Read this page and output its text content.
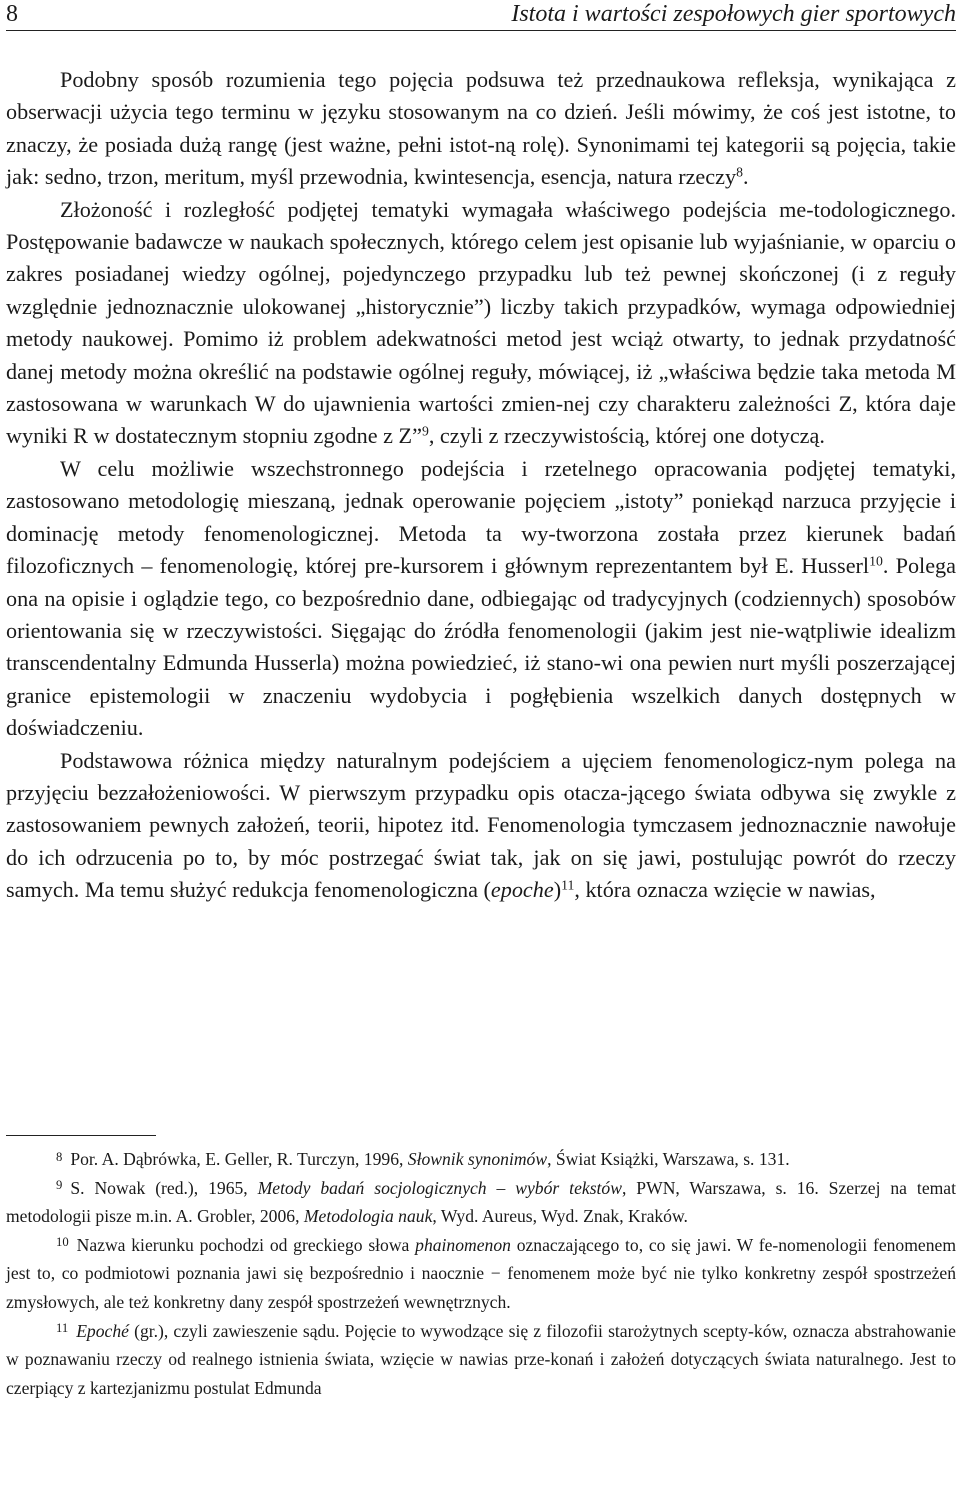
8	Istota i wartości zespołowych gier sportowych

Podobny sposób rozumienia tego pojęcia podsuwa też przednaukowa refleksja, wynikająca z obserwacji użycia tego terminu w języku stosowanym na co dzień. Jeśli mówimy, że coś jest istotne, to znaczy, że posiada dużą rangę (jest ważne, pełni istot-ną rolę). Synonimami tej kategorii są pojęcia, takie jak: sedno, trzon, meritum, myśl przewodnia, kwintesencja, esencja, natura rzeczy$^8$.

Złożoność i rozległość podjętej tematyki wymagała właściwego podejścia me-todologicznego. Postępowanie badawcze w naukach społecznych, którego celem jest opisanie lub wyjaśnianie, w oparciu o zakres posiadanej wiedzy ogólnej, pojedynczego przypadku lub też pewnej skończonej (i z reguły względnie jednoznacznie ulokowanej „historycznie”) liczby takich przypadków, wymaga odpowiedniej metody naukowej. Pomimo iż problem adekwatności metod jest wciąż otwarty, to jednak przydatność danej metody można określić na podstawie ogólnej reguły, mówiącej, iż „właściwa będzie taka metoda M zastosowana w warunkach W do ujawnienia wartości zmien-nej czy charakteru zależności Z, która daje wyniki R w dostatecznym stopniu zgodne z Z”$^9$, czyli z rzeczywistością, której one dotyczą.

W celu możliwie wszechstronnego podejścia i rzetelnego opracowania podjętej tematyki, zastosowano metodologię mieszaną, jednak operowanie pojęciem „istoty” poniekąd narzuca przyjęcie i dominację metody fenomenologicznej. Metoda ta wy-tworzona została przez kierunek badań filozoficznych – fenomenologię, której pre-kursorem i głównym reprezentantem był E. Husserl$^{10}$. Polega ona na opisie i oglądzie tego, co bezpośrednio dane, odbiegając od tradycyjnych (codziennych) sposobów orientowania się w rzeczywistości. Sięgając do źródła fenomenologii (jakim jest nie-wątpliwie idealizm transcendentalny Edmunda Husserla) można powiedzieć, iż stano-wi ona pewien nurt myśli poszerzającej granice epistemologii w znaczeniu wydobycia i pogłębienia wszelkich danych dostępnych w doświadczeniu.

Podstawowa różnica między naturalnym podejściem a ujęciem fenomenologicz-nym polega na przyjęciu bezzałożeniowości. W pierwszym przypadku opis otacza-jącego świata odbywa się zwykle z zastosowaniem pewnych założeń, teorii, hipotez itd. Fenomenologia tymczasem jednoznacznie nawołuje do ich odrzucenia po to, by móc postrzegać świat tak, jak on się jawi, postulując powrót do rzeczy samych. Ma temu służyć redukcja fenomenologiczna (epoche)$^{11}$, która oznacza wzięcie w nawias,

$^8$ Por. A. Dąbrówka, E. Geller, R. Turczyn, 1996, Słownik synonimów, Świat Książki, Warszawa, s. 131.

$^9$ S. Nowak (red.), 1965, Metody badań socjologicznych – wybór tekstów, PWN, Warszawa, s. 16. Szerzej na temat metodologii pisze m.in. A. Grobler, 2006, Metodologia nauk, Wyd. Aureus, Wyd. Znak, Kraków.

$^{10}$ Nazwa kierunku pochodzi od greckiego słowa phainomenon oznaczającego to, co się jawi. W fe-nomenologii fenomenem jest to, co podmiotowi poznania jawi się bezpośrednio i naocznie − fenomenem może być nie tylko konkretny zespół spostrzeżeń zmysłowych, ale też konkretny dany zespół spostrzeżeń wewnętrznych.

$^{11}$ Epoché (gr.), czyli zawieszenie sądu. Pojęcie to wywodzące się z filozofii starożytnych scepty-ków, oznacza abstrahowanie w poznawaniu rzeczy od realnego istnienia świata, wzięcie w nawias prze-konań i założeń dotyczących świata naturalnego. Jest to czerpiący z kartezjanizmu postulat Edmunda
